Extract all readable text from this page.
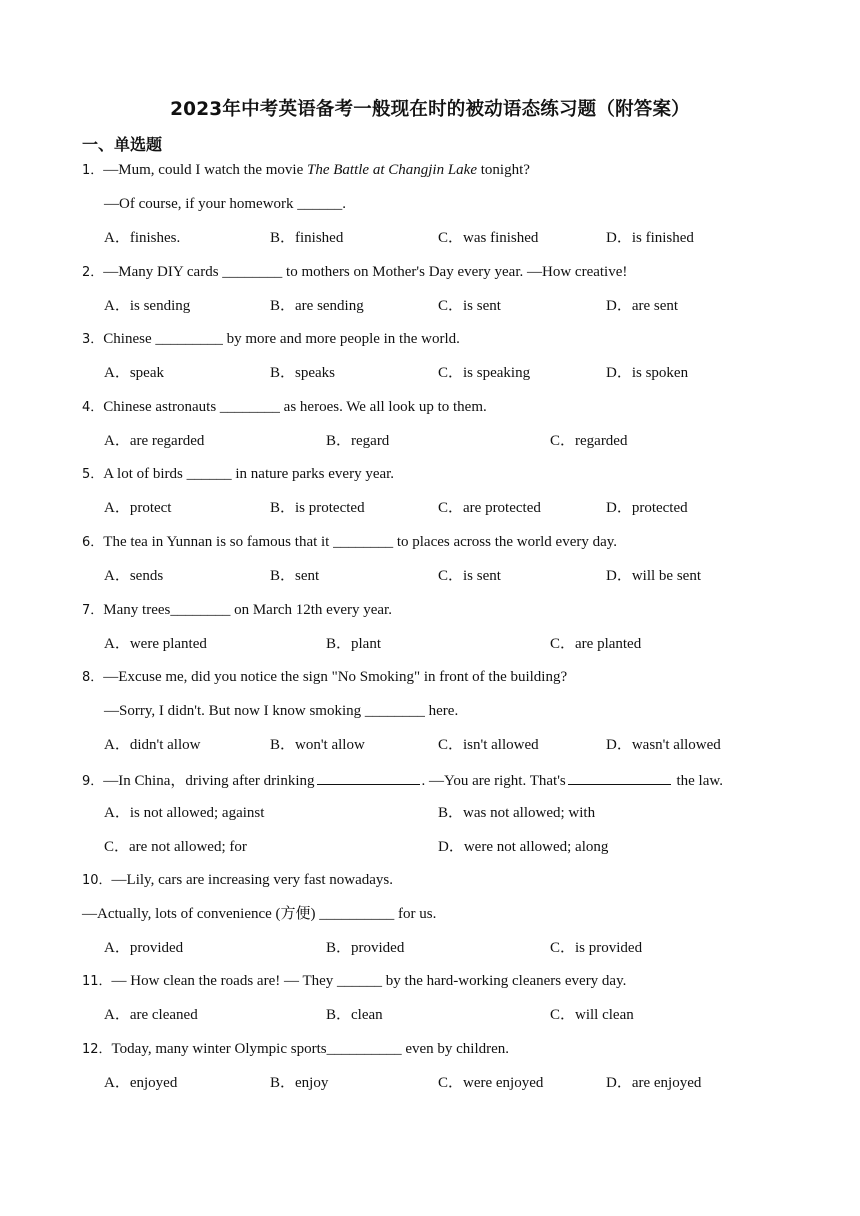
2023年中考英语备考一般现在时的被动语态练习题（附答案）
一、单选题
1．—Mum, could I watch the movie The Battle at Changjin Lake tonight?
—Of course, if your homework ______.
A．finishes.	B．finished	C．was finished	D．is finished
2．—Many DIY cards ________ to mothers on Mother's Day every year. —How creative!
A．is sending	B．are sending	C．is sent	D．are sent
3．Chinese _________ by more and more people in the world.
A．speak	B．speaks	C．is speaking	D．is spoken
4．Chinese astronauts ________ as heroes. We all look up to them.
A．are regarded	B．regard	C．regarded
5．A lot of birds ______ in nature parks every year.
A．protect	B．is protected	C．are protected	D．protected
6．The tea in Yunnan is so famous that it ________ to places across the world every day.
A．sends	B．sent	C．is sent	D．will be sent
7．Many trees________ on March 12th every year.
A．were planted	B．plant	C．are planted
8．—Excuse me, did you notice the sign "No Smoking" in front of the building?
—Sorry, I didn't. But now I know smoking ________ here.
A．didn't allow	B．won't allow	C．isn't allowed	D．wasn't allowed
9．—In China，driving after drinking	. —You are right. That's	the law.
A．is not allowed; against	B．was not allowed; with
C．are not allowed; for	D．were not allowed; along
10．—Lily, cars are increasing very fast nowadays.
—Actually, lots of convenience (方便) __________ for us.
A．provided	B．provided	C．is provided
11．— How clean the roads are! — They ______ by the hard-working cleaners every day.
A．are cleaned	B．clean	C．will clean
12．Today, many winter Olympic sports__________ even by children.
A．enjoyed	B．enjoy	C．were enjoyed	D．are enjoyed
